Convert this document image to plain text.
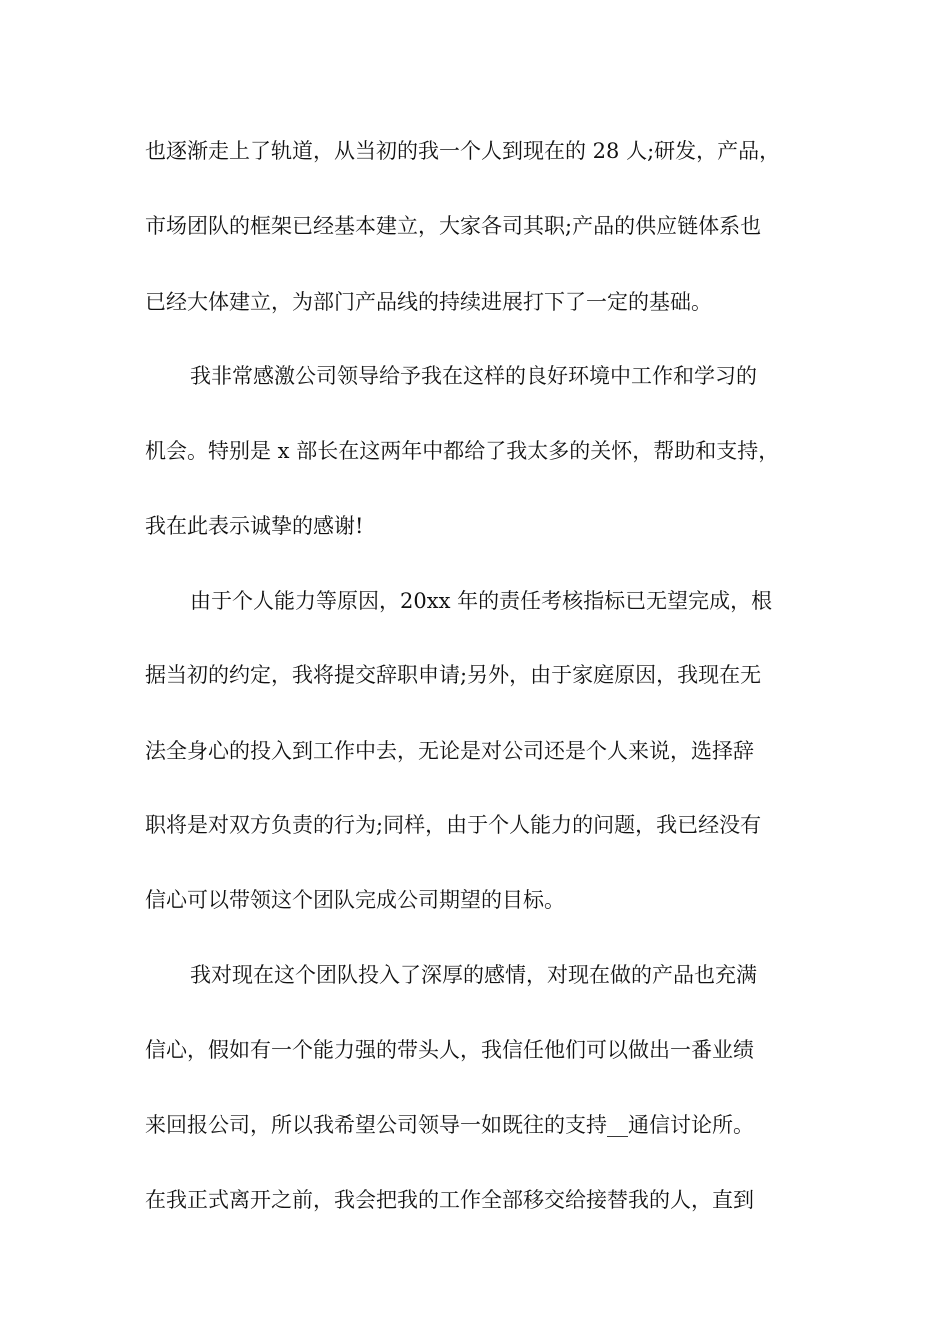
也逐渐走上了轨道，从当初的我一个人到现在的 28 人;研发，产品，
市场团队的框架已经基本建立，大家各司其职;产品的供应链体系也
已经大体建立，为部门产品线的持续进展打下了一定的基础。
我非常感激公司领导给予我在这样的良好环境中工作和学习的
机会。特别是 x 部长在这两年中都给了我太多的关怀，帮助和支持，
我在此表示诚挚的感谢!
由于个人能力等原因，20xx 年的责任考核指标已无望完成，根
据当初的约定，我将提交辞职申请;另外，由于家庭原因，我现在无
法全身心的投入到工作中去，无论是对公司还是个人来说，选择辞
职将是对双方负责的行为;同样，由于个人能力的问题，我已经没有
信心可以带领这个团队完成公司期望的目标。
我对现在这个团队投入了深厚的感情，对现在做的产品也充满
信心，假如有一个能力强的带头人，我信任他们可以做出一番业绩
来回报公司，所以我希望公司领导一如既往的支持__通信讨论所。
在我正式离开之前，我会把我的工作全部移交给接替我的人，直到
